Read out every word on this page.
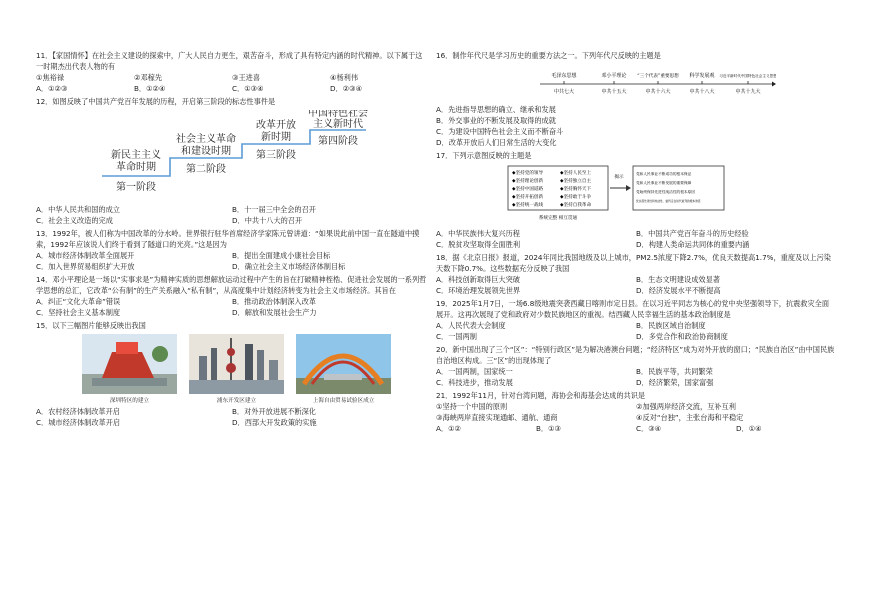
11．【家国情怀】在社会主义建设的探索中，广大人民自力更生，艰苦奋斗，形成了具有特定内涵的时代精神。以下属于这一时期杰出代表人物的有
①焦裕禄	②邓稼先	③王进喜	④杨利伟
A．①②③	B．①②④	C．①③④	D．②③④
12．如图反映了中国共产党百年发展的历程，开启第三阶段的标志性事件是
新民主主义
革命时期
第一阶段
社会主义革命
和建设时期
第二阶段
改革开放
新时期
第三阶段
中国特色社会
主义新时代
第四阶段
A．中华人民共和国的成立	B．十一届三中全会的召开
C．社会主义改造的完成	D．中共十八大的召开
13．1992年，被人们称为中国改革的分水岭。世界银行驻华首席经济学家陈元曾讲道：“如果说此前中国一直在隧道中摸索，1992年应该说人们终于看到了隧道口的光亮。”这是因为
A．城市经济体制改革全面展开	B．提出全面建成小康社会目标
C．加入世界贸易组织扩大开放	D．确立社会主义市场经济体制目标
14．邓小平理论是一场以“实事求是”为精神实质的思想解放运动过程中产生的旨在打破精神桎梏、促进社会发展的一系列哲学思想的总汇，它改革“公有制”的生产关系融入“私有制”，从高度集中计划经济转变为社会主义市场经济。其旨在
A．纠正“文化大革命”错误	B．推动政治体制深入改革
C．坚持社会主义基本制度	D．解放和发展社会生产力
15．以下三幅图片能够反映出我国
深圳特区的建立	浦东开发区建立	上海自由贸易试验区成立
A．农村经济体制改革开启	B．对外开放进展不断深化
C．城市经济体制改革开启	D．西部大开发政策的实施
16．制作年代尺是学习历史的重要方法之一。下列年代尺反映的主题是
毛泽东思想	邓小平理论 “三个代表”重要思想 科学发展观 习近平新时代中国特色社会主义思想
中共七大	中共十五大	中共十六大	中共十八大	中共十九大
A．先进指导思想的确立、继承和发展
B．外交事业的不断发展及取得的成就
C．为建设中国特色社会主义而不断奋斗
D．改革开放后人们日常生活的大变化
17．下列示意图反映的主题是
◆坚持党的领导	◆坚持人民至上
◆坚持理论创新	◆坚持独立自主
◆坚持中国道路	◆坚持胸怀天下
◆坚持开拓创新	◆坚持敢于斗争
◆坚持统一战线	◆坚持自我革命
系统完整 相互贯通
揭示
党和人民事业不断成功的根本保证
党和人民事业不断发展的重要保障
党始终保持先进性纯洁性的根本原因
党永葆先进性和纯洁性、始终走在时代前列的根本途径
A．中华民族伟大复兴历程	B．中国共产党百年奋斗的历史经验
C．脱贫攻坚取得全面胜利	D．构建人类命运共同体的重要内涵
18．据《北京日报》报道，2024年同比我国地级及以上城市，PM2.5浓度下降2.7%，优良天数提高1.7%，重度及以上污染天数下降0.7%。这些数据充分反映了我国
A．科技创新取得巨大突破	B．生态文明建设成效显著
C．环境治理发展领先世界	D．经济发展水平不断提高
19．2025年1月7日，一场6.8级地震突袭西藏日喀则市定日县。在以习近平同志为核心的党中央坚强领导下，抗震救灾全面展开。这再次展现了党和政府对少数民族地区的重视。结西藏人民幸福生活的基本政治制度是
A．人民代表大会制度	B．民族区域自治制度
C．一国两制	D．多党合作和政治协商制度
20．新中国出现了三个“区”：“特别行政区”是为解决港澳台问题；“经济特区”成为对外开放的窗口；“民族自治区”由中国民族自治地区构成。三“区”的出现体现了
A．一国两制，国家统一	B．民族平等，共同繁荣
C．科技进步，推动发展	D．经济繁荣，国家富强
21．1992年11月，针对台湾问题，海协会和海基会达成的共识是
①坚持一个中国的原则	②加强两岸经济交流，互补互利
③海峡两岸直接实现通邮、通航、通商	④反对“台独”，主张台海和平稳定
A．①②	B．①③	C．③④	D．①④
